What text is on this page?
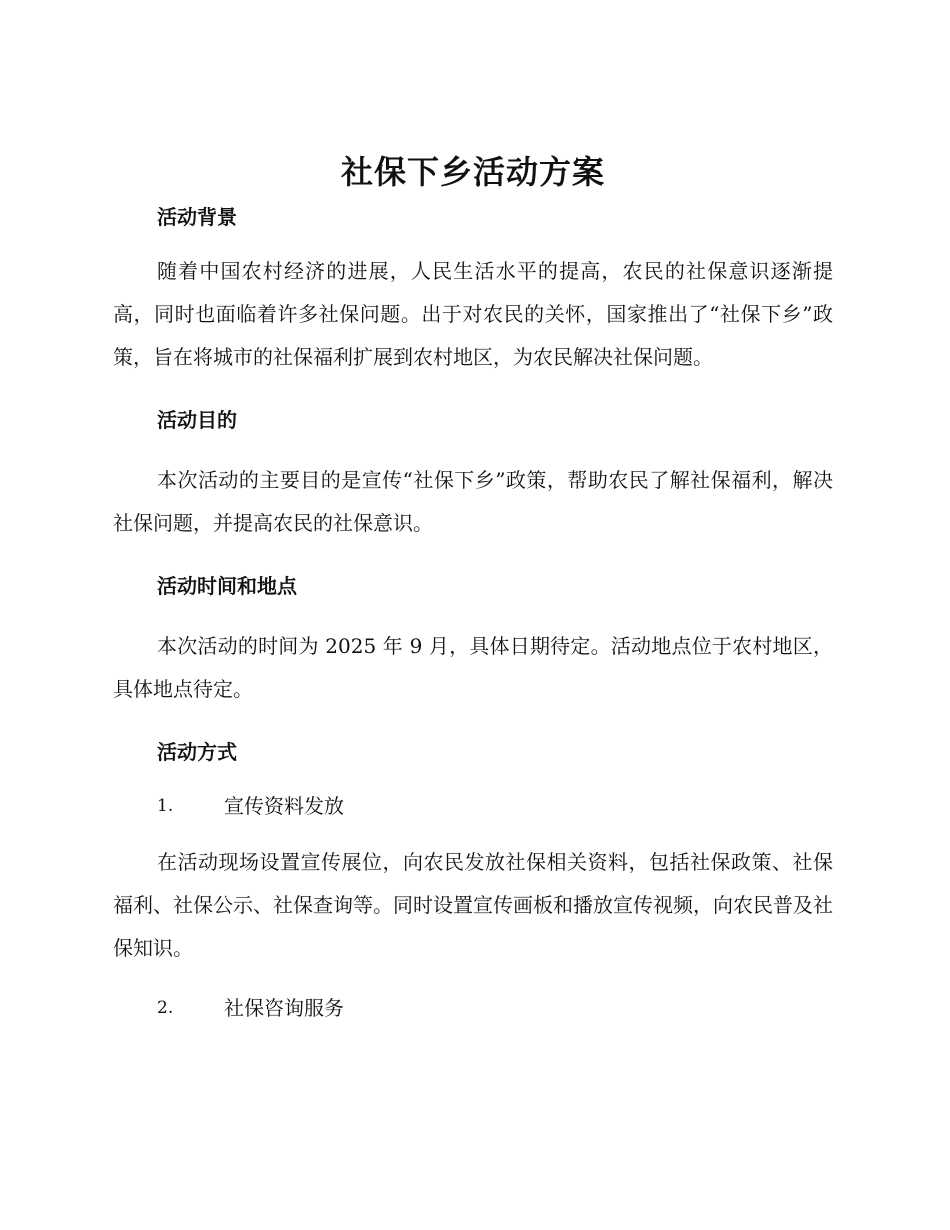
社保下乡活动方案
活动背景

随着中国农村经济的进展，人民生活水平的提高，农民的社保意识逐渐提高，同时也面临着许多社保问题。出于对农民的关怀，国家推出了“社保下乡”政策，旨在将城市的社保福利扩展到农村地区，为农民解决社保问题。

活动目的

本次活动的主要目的是宣传“社保下乡”政策，帮助农民了解社保福利，解决社保问题，并提高农民的社保意识。

活动时间和地点

本次活动的时间为 2025 年 9 月，具体日期待定。活动地点位于农村地区，具体地点待定。

活动方式
1.	宣传资料发放

在活动现场设置宣传展位，向农民发放社保相关资料，包括社保政策、社保福利、社保公示、社保查询等。同时设置宣传画板和播放宣传视频，向农民普及社保知识。

2.	社保咨询服务
